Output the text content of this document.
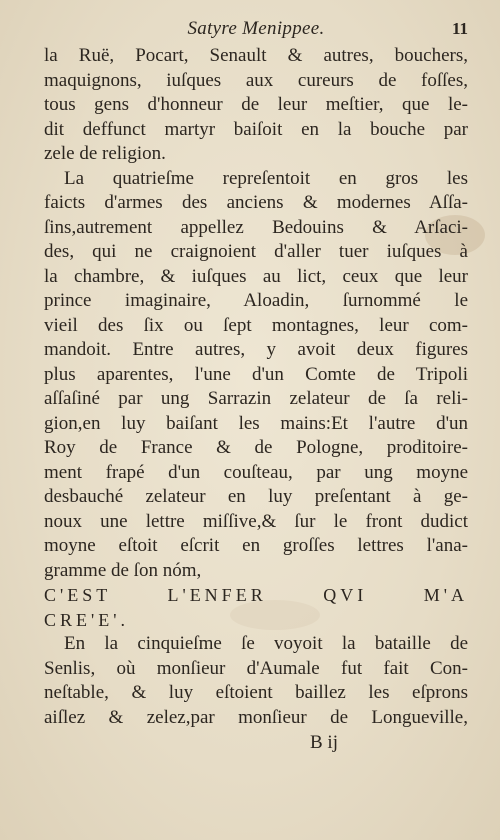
Satyre Menippee.	11
la Ruë, Pocart, Senault & autres, bouchers,
maquignons, iuſques aux cureurs de foſſes,
tous gens d'honneur de leur meſtier, que le-
dit deffunct martyr baiſoit en la bouche par
zele de religion.
La quatrieſme repreſentoit en gros les
faicts d'armes des anciens & modernes Aſſa-
ſins,autrement appellez Bedouins & Arſaci-
des, qui ne craignoient d'aller tuer iuſques à
la chambre, & iuſques au lict, ceux que leur
prince imaginaire, Aloadin, ſurnommé le
vieil des ſix ou ſept montagnes, leur com-
mandoit. Entre autres, y avoit deux figures
plus aparentes, l'une d'un Comte de Tripoli
aſſaſiné par ung Sarrazin zelateur de ſa reli-
gion,en luy baiſant les mains:Et l'autre d'un
Roy de France & de Pologne, proditoire-
ment frapé d'un couſteau, par ung moyne
desbauché zelateur en luy preſentant à ge-
noux une lettre miſſive,& ſur le front dudict
moyne eſtoit eſcrit en groſſes lettres l'ana-
gramme de ſon nóm,
C'EST L'ENFER QVI M'A
CRE'E'.
En la cinquieſme ſe voyoit la bataille de
Senlis, où monſieur d'Aumale fut fait Con-
neſtable, & luy eſtoient baillez les eſprons
aiſlez & zelez,par monſieur de Longueville,
B ij
